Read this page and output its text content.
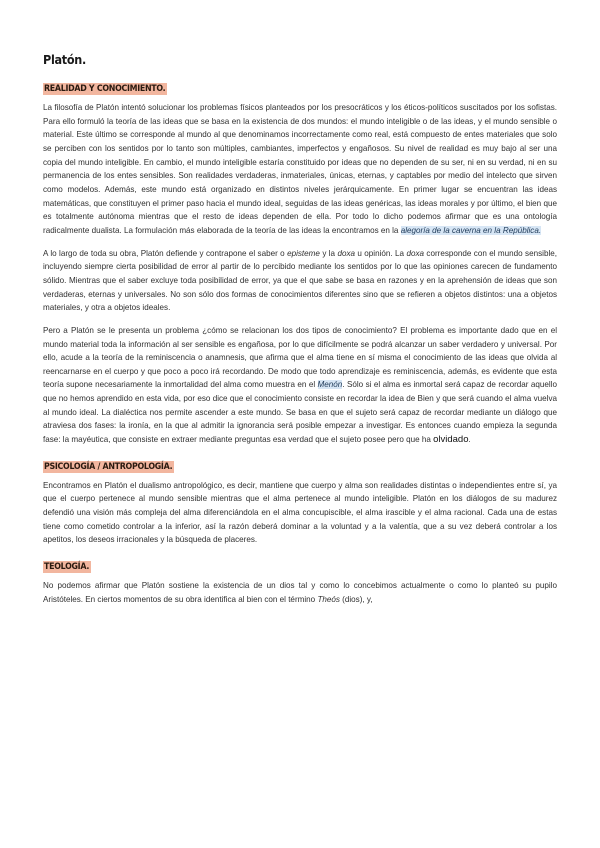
Platón.
REALIDAD Y CONOCIMIENTO.

La filosofía de Platón intentó solucionar los problemas físicos planteados por los presocráticos y los éticos-políticos suscitados por los sofistas. Para ello formuló la teoría de las ideas que se basa en la existencia de dos mundos: el mundo inteligible o de las ideas, y el mundo sensible o material. Este último se corresponde al mundo al que denominamos incorrectamente como real, está compuesto de entes materiales que solo se perciben con los sentidos por lo tanto son múltiples, cambiantes, imperfectos y engañosos. Su nivel de realidad es muy bajo al ser una copia del mundo inteligible. En cambio, el mundo inteligible estaría constituido por ideas que no dependen de su ser, ni en su verdad, ni en su permanencia de los entes sensibles. Son realidades verdaderas, inmateriales, únicas, eternas, y captables por medio del intelecto que sirven como modelos. Además, este mundo está organizado en distintos niveles jerárquicamente. En primer lugar se encuentran las ideas matemáticas, que constituyen el primer paso hacia el mundo ideal, seguidas de las ideas genéricas, las ideas morales y por último, el bien que es totalmente autónoma mientras que el resto de ideas dependen de ella. Por todo lo dicho podemos afirmar que es una ontología radicalmente dualista. La formulación más elaborada de la teoría de las ideas la encontramos en la alegoría de la caverna en la República.

A lo largo de toda su obra, Platón defiende y contrapone el saber o episteme y la doxa u opinión. La doxa corresponde con el mundo sensible, incluyendo siempre cierta posibilidad de error al partir de lo percibido mediante los sentidos por lo que las opiniones carecen de fundamento sólido. Mientras que el saber excluye toda posibilidad de error, ya que el que sabe se basa en razones y en la aprehensión de ideas que son verdaderas, eternas y universales. No son sólo dos formas de conocimientos diferentes sino que se refieren a objetos distintos: una a objetos materiales, y otra a objetos ideales.

Pero a Platón se le presenta un problema ¿cómo se relacionan los dos tipos de conocimiento? El problema es importante dado que en el mundo material toda la información al ser sensible es engañosa, por lo que difícilmente se podrá alcanzar un saber verdadero y universal. Por ello, acude a la teoría de la reminiscencia o anamnesis, que afirma que el alma tiene en sí misma el conocimiento de las ideas que olvida al reencarnarse en el cuerpo y que poco a poco irá recordando. De modo que todo aprendizaje es reminiscencia, además, es evidente que esta teoría supone necesariamente la inmortalidad del alma como muestra en el Menón. Sólo si el alma es inmortal será capaz de recordar aquello que no hemos aprendido en esta vida, por eso dice que el conocimiento consiste en recordar la idea de Bien y que será cuando el alma vuelva al mundo ideal. La dialéctica nos permite ascender a este mundo. Se basa en que el sujeto será capaz de recordar mediante un diálogo que atraviesa dos fases: la ironía, en la que al admitir la ignorancia será posible empezar a investigar. Es entonces cuando empieza la segunda fase: la mayéutica, que consiste en extraer mediante preguntas esa verdad que el sujeto posee pero que ha olvidado.

PSICOLOGÍA / ANTROPOLOGÍA.

Encontramos en Platón el dualismo antropológico, es decir, mantiene que cuerpo y alma son realidades distintas o independientes entre sí, ya que el cuerpo pertenece al mundo sensible mientras que el alma pertenece al mundo inteligible. Platón en los diálogos de su madurez defendió una visión más compleja del alma diferenciándola en el alma concupiscible, el alma irascible y el alma racional. Cada una de estas tiene como cometido controlar a la inferior, así la razón deberá dominar a la voluntad y a la valentía, que a su vez deberá controlar a los apetitos, los deseos irracionales y la búsqueda de placeres.

TEOLOGÍA.

No podemos afirmar que Platón sostiene la existencia de un dios tal y como lo concebimos actualmente o como lo planteó su pupilo Aristóteles. En ciertos momentos de su obra identifica al bien con el término Theós (dios), y,
